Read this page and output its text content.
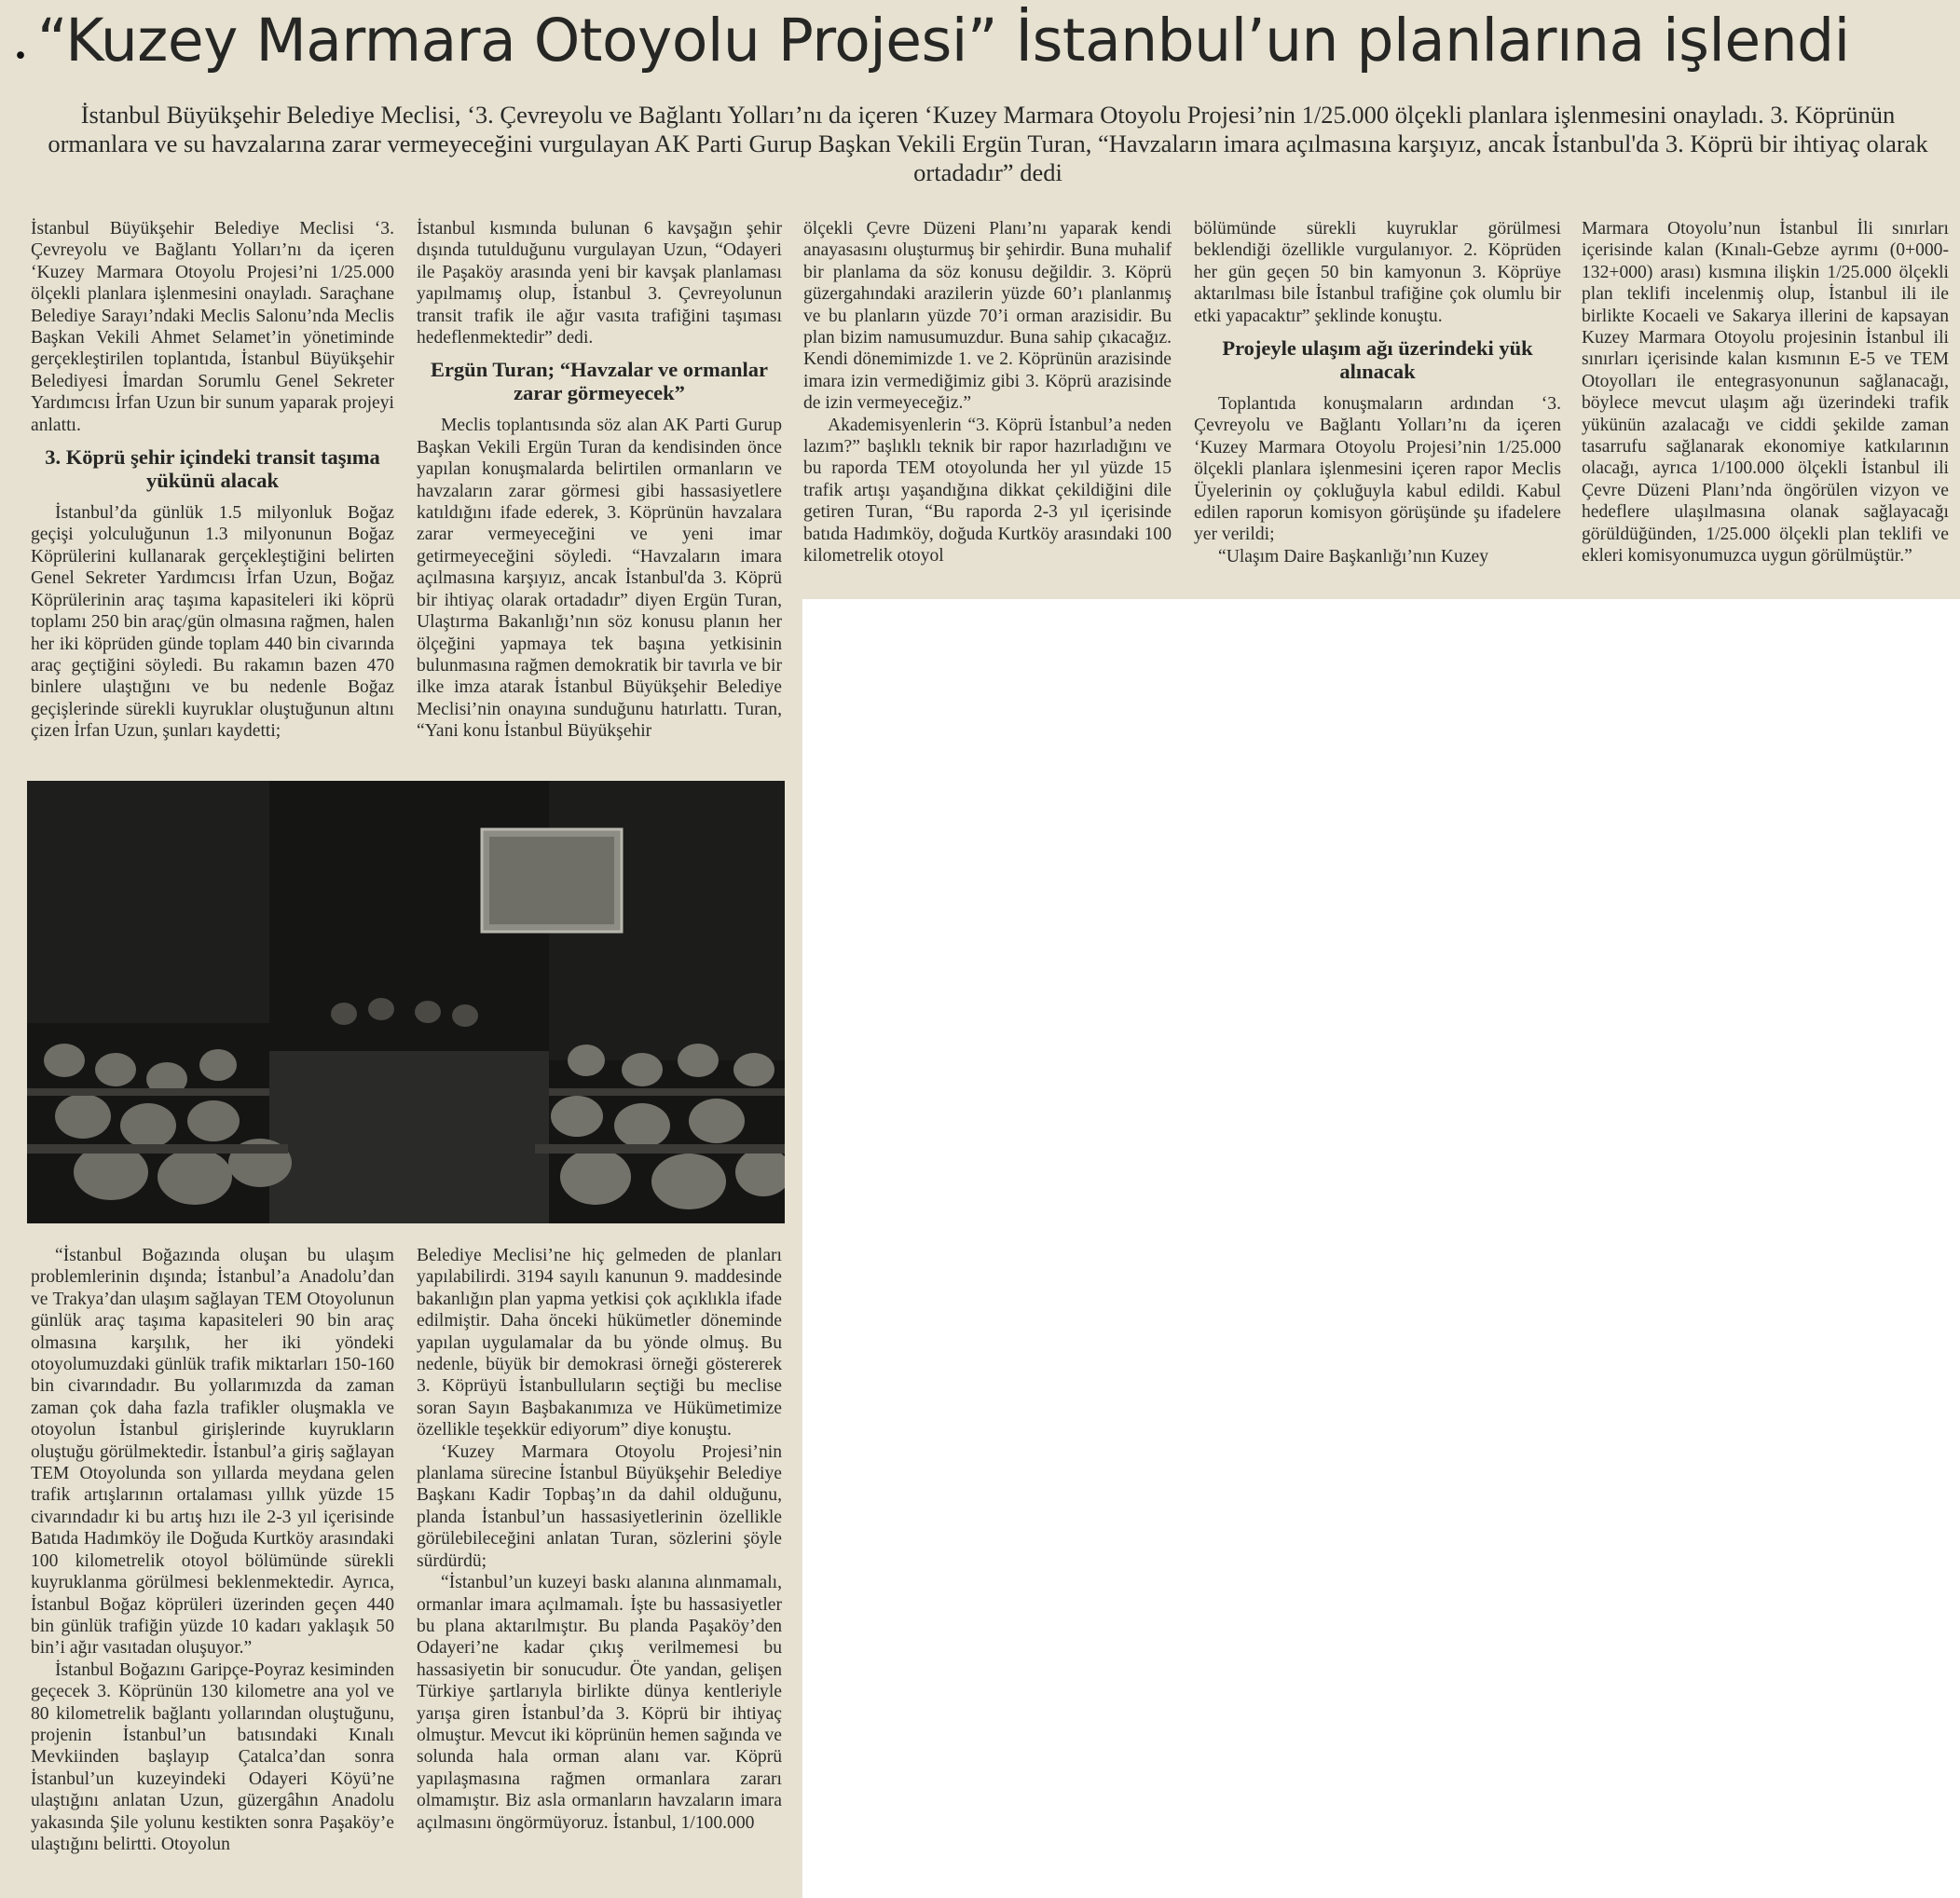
· “Kuzey Marmara Otoyolu Projesi” İstanbul’un planlarına işlendi
İstanbul Büyükşehir Belediye Meclisi, ‘3. Çevreyolu ve Bağlantı Yolları’nı da içeren ‘Kuzey Marmara Otoyolu Projesi’nin 1/25.000 ölçekli planlara işlenmesini onayladı. 3. Köprünün ormanlara ve su havzalarına zarar vermeyeceğini vurgulayan AK Parti Gurup Başkan Vekili Ergün Turan, “Havzaların imara açılmasına karşıyız, ancak İstanbul'da 3. Köprü bir ihtiyaç olarak ortadadır” dedi

İstanbul Büyükşehir Belediye Meclisi ‘3. Çevreyolu ve Bağlantı Yolları’nı da içeren ‘Kuzey Marmara Otoyolu Projesi’ni 1/25.000 ölçekli planlara işlenmesini onayladı. Saraçhane Belediye Sarayı’ndaki Meclis Salonu’nda Meclis Başkan Vekili Ahmet Selamet’in yönetiminde gerçekleştirilen toplantıda, İstanbul Büyükşehir Belediyesi İmardan Sorumlu Genel Sekreter Yardımcısı İrfan Uzun bir sunum yaparak projeyi anlattı.

3. Köprü şehir içindeki transit taşıma yükünü alacak

İstanbul’da günlük 1.5 milyonluk Boğaz geçişi yolculuğunun 1.3 milyonunun Boğaz Köprülerini kullanarak gerçekleştiğini belirten Genel Sekreter Yardımcısı İrfan Uzun, Boğaz Köprülerinin araç taşıma kapasiteleri iki köprü toplamı 250 bin araç/gün olmasına rağmen, halen her iki köprüden günde toplam 440 bin civarında araç geçtiğini söyledi. Bu rakamın bazen 470 binlere ulaştığını ve bu nedenle Boğaz geçişlerinde sürekli kuyruklar oluştuğunun altını çizen İrfan Uzun, şunları kaydetti;

İstanbul kısmında bulunan 6 kavşağın şehir dışında tutulduğunu vurgulayan Uzun, “Odayeri ile Paşaköy arasında yeni bir kavşak planlaması yapılmamış olup, İstanbul 3. Çevreyolunun transit trafik ile ağır vasıta trafiğini taşıması hedeflenmektedir” dedi.

Ergün Turan; “Havzalar ve ormanlar zarar görmeyecek”

Meclis toplantısında söz alan AK Parti Gurup Başkan Vekili Ergün Turan da kendisinden önce yapılan konuşmalarda belirtilen ormanların ve havzaların zarar görmesi gibi hassasiyetlere katıldığını ifade ederek, 3. Köprünün havzalara zarar vermeyeceğini ve yeni imar getirmeyeceğini söyledi. “Havzaların imara açılmasına karşıyız, ancak İstanbul'da 3. Köprü bir ihtiyaç olarak ortadadır” diyen Ergün Turan, Ulaştırma Bakanlığı’nın söz konusu planın her ölçeğini yapmaya tek başına yetkisinin bulunmasına rağmen demokratik bir tavırla ve bir ilke imza atarak İstanbul Büyükşehir Belediye Meclisi’nin onayına sunduğunu hatırlattı. Turan, “Yani konu İstanbul Büyükşehir

ölçekli Çevre Düzeni Planı’nı yaparak kendi anayasasını oluşturmuş bir şehirdir. Buna muhalif bir planlama da söz konusu değildir. 3. Köprü güzergahındaki arazilerin yüzde 60’ı planlanmış ve bu planların yüzde 70’i orman arazisidir. Bu plan bizim namusumuzdur. Buna sahip çıkacağız. Kendi dönemimizde 1. ve 2. Köprünün arazisinde imara izin vermediğimiz gibi 3. Köprü arazisinde de izin vermeyeceğiz.”

Akademisyenlerin “3. Köprü İstanbul’a neden lazım?” başlıklı teknik bir rapor hazırladığını ve bu raporda TEM otoyolunda her yıl yüzde 15 trafik artışı yaşandığına dikkat çekildiğini dile getiren Turan, “Bu raporda 2-3 yıl içerisinde batıda Hadımköy, doğuda Kurtköy arasındaki 100 kilometrelik otoyol

bölümünde sürekli kuyruklar görülmesi beklendiği özellikle vurgulanıyor. 2. Köprüden her gün geçen 50 bin kamyonun 3. Köprüye aktarılması bile İstanbul trafiğine çok olumlu bir etki yapacaktır” şeklinde konuştu.

Projeyle ulaşım ağı üzerindeki yük alınacak

Toplantıda konuşmaların ardından ‘3. Çevreyolu ve Bağlantı Yolları’nı da içeren ‘Kuzey Marmara Otoyolu Projesi’nin 1/25.000 ölçekli planlara işlenmesini içeren rapor Meclis Üyelerinin oy çokluğuyla kabul edildi. Kabul edilen raporun komisyon görüşünde şu ifadelere yer verildi;

“Ulaşım Daire Başkanlığı’nın Kuzey

Marmara Otoyolu’nun İstanbul İli sınırları içerisinde kalan (Kınalı-Gebze ayrımı (0+000-132+000) arası) kısmına ilişkin 1/25.000 ölçekli plan teklifi incelenmiş olup, İstanbul ili ile birlikte Kocaeli ve Sakarya illerini de kapsayan Kuzey Marmara Otoyolu projesinin İstanbul ili sınırları içerisinde kalan kısmının E-5 ve TEM Otoyolları ile entegrasyonunun sağlanacağı, böylece mevcut ulaşım ağı üzerindeki trafik yükünün azalacağı ve ciddi şekilde zaman tasarrufu sağlanarak ekonomiye katkılarının olacağı, ayrıca 1/100.000 ölçekli İstanbul ili Çevre Düzeni Planı’nda öngörülen vizyon ve hedeflere ulaşılmasına olanak sağlayacağı görüldüğünden, 1/25.000 ölçekli plan teklifi ve ekleri komisyonumuzca uygun görülmüştür.”

“İstanbul Boğazında oluşan bu ulaşım problemlerinin dışında; İstanbul’a Anadolu’dan ve Trakya’dan ulaşım sağlayan TEM Otoyolunun günlük araç taşıma kapasiteleri 90 bin araç olmasına karşılık, her iki yöndeki otoyolumuzdaki günlük trafik miktarları 150-160 bin civarındadır. Bu yollarımızda da zaman zaman çok daha fazla trafikler oluşmakla ve otoyolun İstanbul girişlerinde kuyrukların oluştuğu görülmektedir. İstanbul’a giriş sağlayan TEM Otoyolunda son yıllarda meydana gelen trafik artışlarının ortalaması yıllık yüzde 15 civarındadır ki bu artış hızı ile 2-3 yıl içerisinde Batıda Hadımköy ile Doğuda Kurtköy arasındaki 100 kilometrelik otoyol bölümünde sürekli kuyruklanma görülmesi beklenmektedir. Ayrıca, İstanbul Boğaz köprüleri üzerinden geçen 440 bin günlük trafiğin yüzde 10 kadarı yaklaşık 50 bin’i ağır vasıtadan oluşuyor.”

İstanbul Boğazını Garipçe-Poyraz kesiminden geçecek 3. Köprünün 130 kilometre ana yol ve 80 kilometrelik bağlantı yollarından oluştuğunu, projenin İstanbul’un batısındaki Kınalı Mevkiinden başlayıp Çatalca’dan sonra İstanbul’un kuzeyindeki Odayeri Köyü’ne ulaştığını anlatan Uzun, güzergâhın Anadolu yakasında Şile yolunu kestikten sonra Paşaköy’e ulaştığını belirtti. Otoyolun

Belediye Meclisi’ne hiç gelmeden de planları yapılabilirdi. 3194 sayılı kanunun 9. maddesinde bakanlığın plan yapma yetkisi çok açıklıkla ifade edilmiştir. Daha önceki hükümetler döneminde yapılan uygulamalar da bu yönde olmuş. Bu nedenle, büyük bir demokrasi örneği göstererek 3. Köprüyü İstanbulluların seçtiği bu meclise soran Sayın Başbakanımıza ve Hükümetimize özellikle teşekkür ediyorum” diye konuştu.

‘Kuzey Marmara Otoyolu Projesi’nin planlama sürecine İstanbul Büyükşehir Belediye Başkanı Kadir Topbaş’ın da dahil olduğunu, planda İstanbul’un hassasiyetlerinin özellikle görülebileceğini anlatan Turan, sözlerini şöyle sürdürdü;

“İstanbul’un kuzeyi baskı alanına alınmamalı, ormanlar imara açılmamalı. İşte bu hassasiyetler bu plana aktarılmıştır. Bu planda Paşaköy’den Odayeri’ne kadar çıkış verilmemesi bu hassasiyetin bir sonucudur. Öte yandan, gelişen Türkiye şartlarıyla birlikte dünya kentleriyle yarışa giren İstanbul’da 3. Köprü bir ihtiyaç olmuştur. Mevcut iki köprünün hemen sağında ve solunda hala orman alanı var. Köprü yapılaşmasına rağmen ormanlara zararı olmamıştır. Biz asla ormanların havzaların imara açılmasını öngörmüyoruz. İstanbul, 1/100.000
